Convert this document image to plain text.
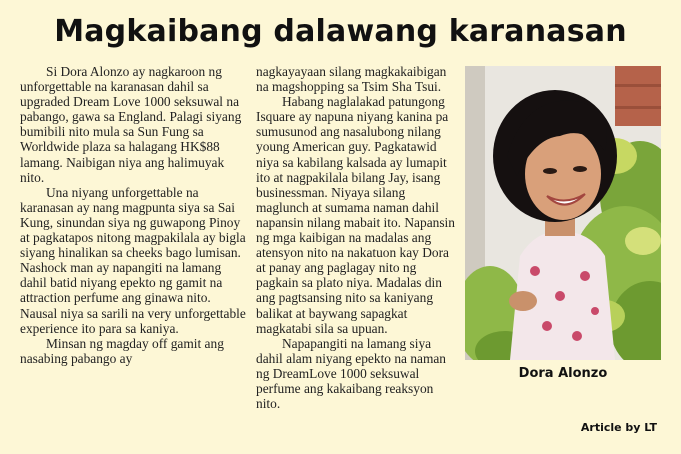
Magkaibang dalawang karanasan

Si Dora Alonzo ay nagkaroon ng unforgettable na karanasan dahil sa upgraded Dream Love 1000 seksuwal na pabango, gawa sa England. Palagi siyang bumibili nito mula sa Sun Fung sa Worldwide plaza sa halagang HK$88 lamang. Naibigan niya ang halimuyak nito.

Una niyang unforgettable na karanasan ay nang magpunta siya sa Sai Kung, sinundan siya ng guwapong Pinoy at pagkatapos nitong magpakilala ay bigla siyang hinalikan sa cheeks bago lumisan. Nashock man ay napangiti na lamang dahil batid niyang epekto ng gamit na attraction perfume ang ginawa nito. Nausal niya sa sarili na very unforgettable experience ito para sa kaniya.

Minsan ng magday off gamit ang nasabing pabango ay

nagkayayaan silang magkakaibigan na magshopping sa Tsim Sha Tsui.

Habang naglalakad patungong Isquare ay napuna niyang kanina pa sumusunod ang nasalubong nilang young American guy. Pagkatawid niya sa kabilang kalsada ay lumapit ito at nagpakilala bilang Jay, isang businessman. Niyaya silang maglunch at sumama naman dahil napansin nilang mabait ito. Napansin ng mga kaibigan na madalas ang atensyon nito na nakatuon kay Dora at panay ang paglagay nito ng pagkain sa plato niya. Madalas din ang pagtsansing nito sa kaniyang balikat at baywang sapagkat magkatabi sila sa upuan.

Napapangiti na lamang siya dahil alam niyang epekto na naman ng DreamLove 1000 seksuwal perfume ang kakaibang reaksyon nito.

Dora Alonzo
Article by LT
